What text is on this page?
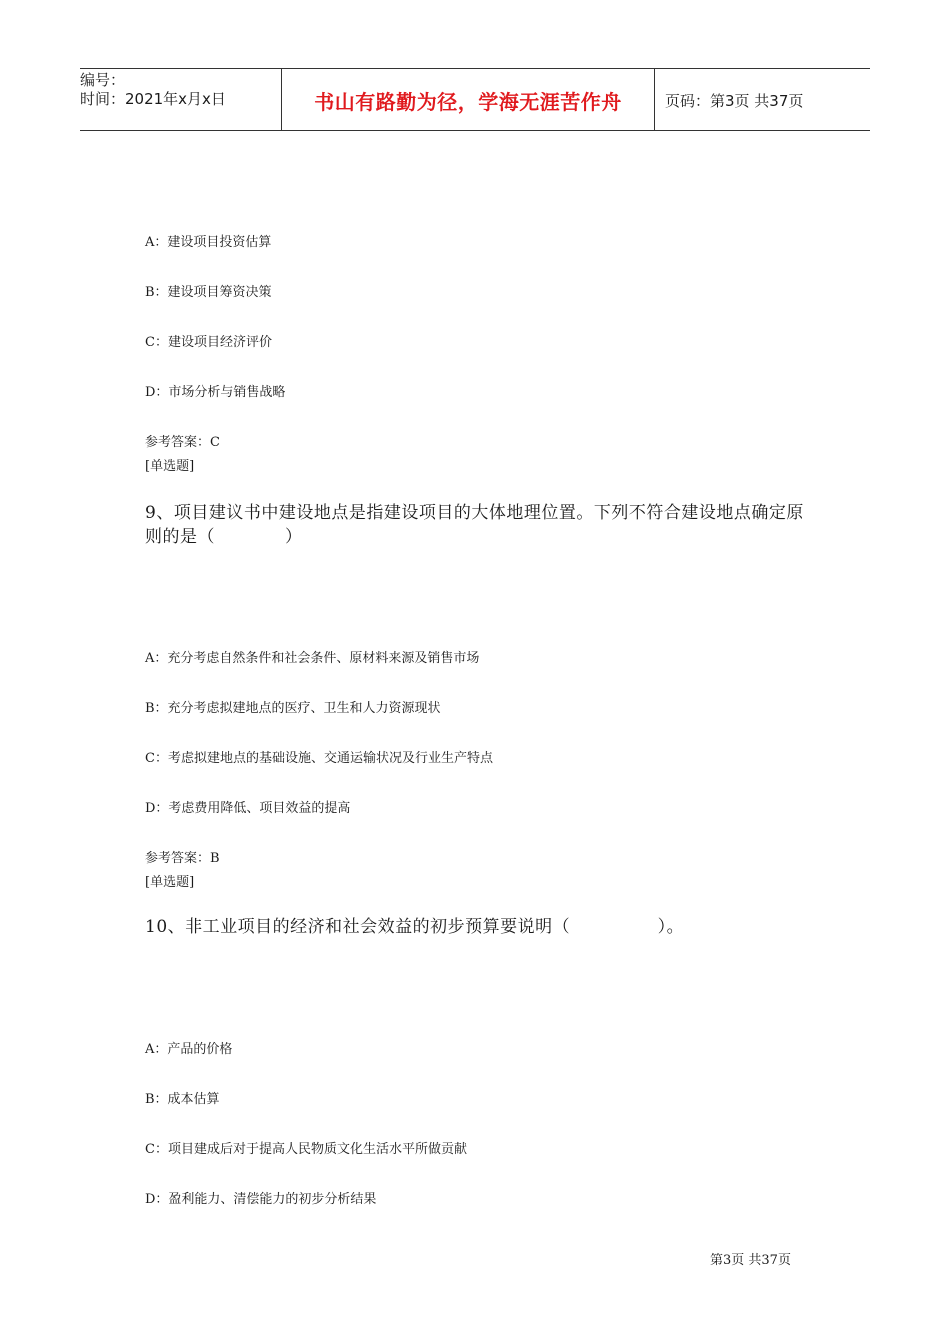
编号：
时间：2021年x月x日	书山有路勤为径，学海无涯苦作舟	页码：第3页 共37页
A：建设项目投资估算
B：建设项目筹资决策
C：建设项目经济评价
D：市场分析与销售战略
参考答案：C
[单选题]
9、项目建议书中建设地点是指建设项目的大体地理位置。下列不符合建设地点确定原则的是（　　　　）
A：充分考虑自然条件和社会条件、原材料来源及销售市场
B：充分考虑拟建地点的医疗、卫生和人力资源现状
C：考虑拟建地点的基础设施、交通运输状况及行业生产特点
D：考虑费用降低、项目效益的提高
参考答案：B
[单选题]
10、非工业项目的经济和社会效益的初步预算要说明（　　　　　）。
A：产品的价格
B：成本估算
C：项目建成后对于提高人民物质文化生活水平所做贡献
D：盈利能力、清偿能力的初步分析结果
第3页 共37页
